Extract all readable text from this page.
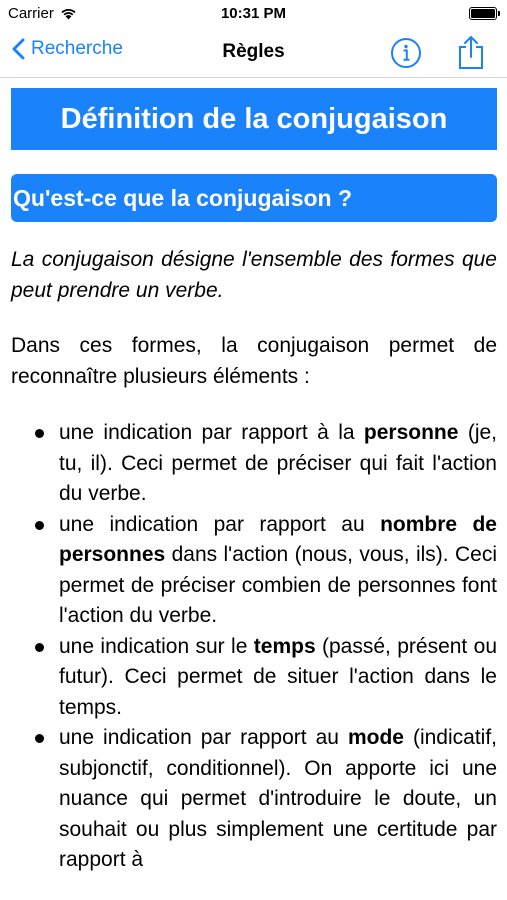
Carrier	10:31 PM
Recherche	Règles
Définition de la conjugaison
Qu'est-ce que la conjugaison ?

La conjugaison désigne l'ensemble des formes que peut prendre un verbe.

Dans ces formes, la conjugaison permet de reconnaître plusieurs éléments :

une indication par rapport à la personne (je, tu, il). Ceci permet de préciser qui fait l'action du verbe.
une indication par rapport au nombre de personnes dans l'action (nous, vous, ils). Ceci permet de préciser combien de personnes font l'action du verbe.
une indication sur le temps (passé, présent ou futur). Ceci permet de situer l'action dans le temps.
une indication par rapport au mode (indicatif, subjonctif, conditionnel). On apporte ici une nuance qui permet d'introduire le doute, un souhait ou plus simplement une certitude par rapport à
